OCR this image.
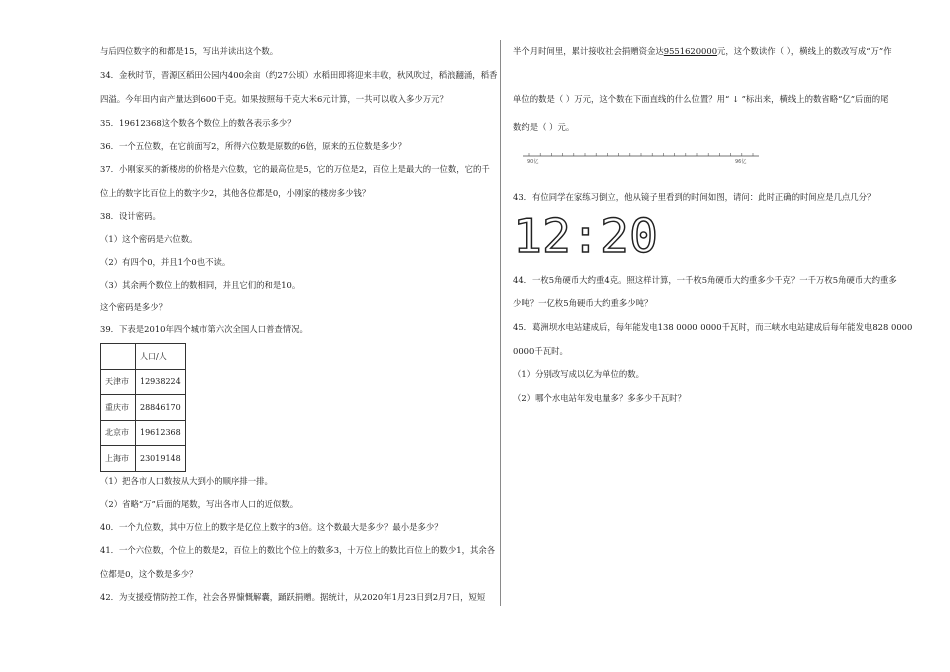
与后四位数字的和都是15，写出并读出这个数。
34．金秋时节，晋源区稻田公园内400余亩（约27公顷）水稻田即将迎来丰收，秋风吹过，稻浪翻涌，稻香
四溢。今年田内亩产量达到600千克。如果按照每千克大米6元计算，一共可以收入多少万元？
35．19612368这个数各个数位上的数各表示多少？
36．一个五位数，在它前面写2，所得六位数是原数的6倍，原来的五位数是多少？
37．小刚家买的新楼房的价格是六位数，它的最高位是5，它的万位是2，百位上是最大的一位数，它的千
位上的数字比百位上的数字少2，其他各位都是0，小刚家的楼房多少钱？
38．设计密码。
（1）这个密码是六位数。
（2）有四个0，并且1个0也不读。
（3）其余两个数位上的数相同，并且它们的和是10。
这个密码是多少？
39．下表是2010年四个城市第六次全国人口普查情况。
	人口/人
天津市	12938224
重庆市	28846170
北京市	19612368
上海市	23019148
（1）把各市人口数按从大到小的顺序排一排。
（2）省略“万”后面的尾数，写出各市人口的近似数。
40．一个九位数，其中万位上的数字是亿位上数字的3倍。这个数最大是多少？最小是多少？
41．一个六位数，个位上的数是2，百位上的数比个位上的数多3，十万位上的数比百位上的数少1，其余各
位都是0，这个数是多少？
42．为支援疫情防控工作，社会各界慷慨解囊，踊跃捐赠。据统计，从2020年1月23日到2月7日，短短
半个月时间里，累计接收社会捐赠资金达9551620000元，这个数读作（ ），横线上的数改写成“万”作
单位的数是（ ）万元，这个数在下面直线的什么位置？用“ ↓ ”标出来，横线上的数省略“亿”后面的尾
数约是（ ）元。
90亿	96亿
43．有位同学在家练习倒立，他从镜子里看到的时间如图，请问：此时正确的时间应是几点几分？
12:20
44．一枚5角硬币大约重4克。照这样计算，一千枚5角硬币大约重多少千克？一千万枚5角硬币大约重多
少吨？一亿枚5角硬币大约重多少吨？
45．葛洲坝水电站建成后，每年能发电138 0000 0000千瓦时，而三峡水电站建成后每年能发电828 0000
0000千瓦时。
（1）分别改写成以亿为单位的数。
（2）哪个水电站年发电量多？多多少千瓦时？
